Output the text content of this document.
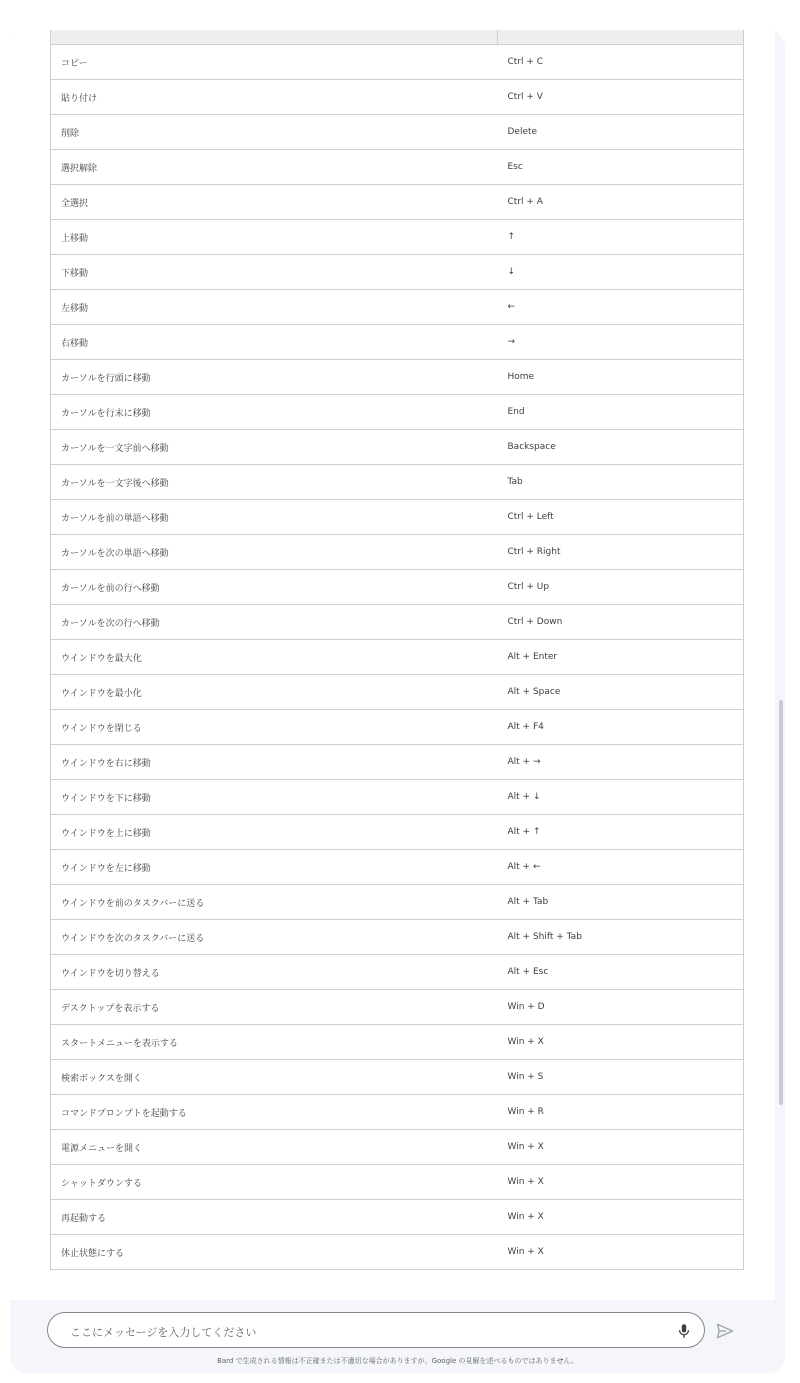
コピー	Ctrl + C
貼り付け	Ctrl + V
削除	Delete
選択解除	Esc
全選択	Ctrl + A
上移動	↑
下移動	↓
左移動	←
右移動	→
カーソルを行頭に移動	Home
カーソルを行末に移動	End
カーソルを一文字前へ移動	Backspace
カーソルを一文字後へ移動	Tab
カーソルを前の単語へ移動	Ctrl + Left
カーソルを次の単語へ移動	Ctrl + Right
カーソルを前の行へ移動	Ctrl + Up
カーソルを次の行へ移動	Ctrl + Down
ウインドウを最大化	Alt + Enter
ウインドウを最小化	Alt + Space
ウインドウを閉じる	Alt + F4
ウインドウを右に移動	Alt + →
ウインドウを下に移動	Alt + ↓
ウインドウを上に移動	Alt + ↑
ウインドウを左に移動	Alt + ←
ウインドウを前のタスクバーに送る	Alt + Tab
ウインドウを次のタスクバーに送る	Alt + Shift + Tab
ウインドウを切り替える	Alt + Esc
デスクトップを表示する	Win + D
スタートメニューを表示する	Win + X
検索ボックスを開く	Win + S
コマンドプロンプトを起動する	Win + R
電源メニューを開く	Win + X
シャットダウンする	Win + X
再起動する	Win + X
休止状態にする	Win + X
ここにメッセージを入力してください
Bard で生成される情報は不正確または不適切な場合がありますが、Google の見解を述べるものではありません。
